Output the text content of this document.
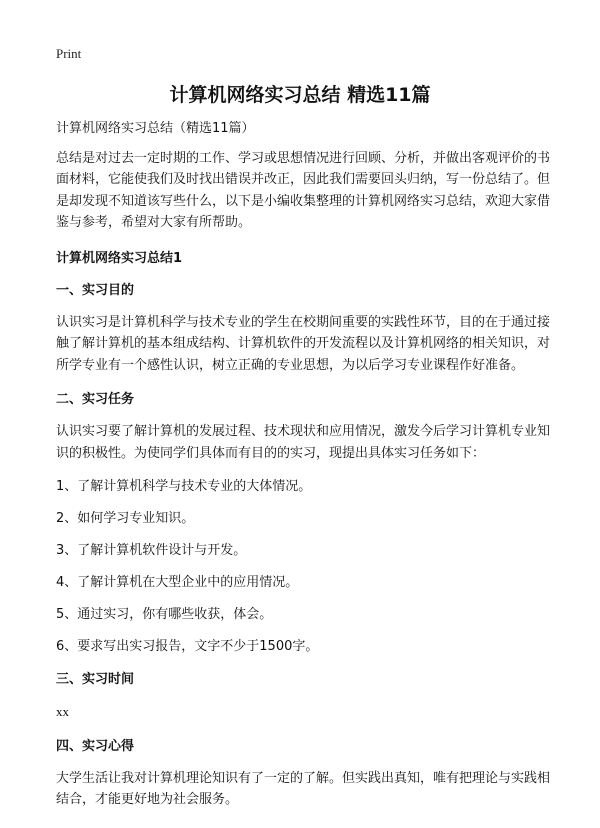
Print
计算机网络实习总结 精选11篇

计算机网络实习总结（精选11篇）

总结是对过去一定时期的工作、学习或思想情况进行回顾、分析，并做出客观评价的书面材料，它能使我们及时找出错误并改正，因此我们需要回头归纳，写一份总结了。但是却发现不知道该写些什么，以下是小编收集整理的计算机网络实习总结，欢迎大家借鉴与参考，希望对大家有所帮助。

计算机网络实习总结1

一、实习目的

认识实习是计算机科学与技术专业的学生在校期间重要的实践性环节，目的在于通过接触了解计算机的基本组成结构、计算机软件的开发流程以及计算机网络的相关知识，对所学专业有一个感性认识，树立正确的专业思想，为以后学习专业课程作好准备。

二、实习任务

认识实习要了解计算机的发展过程、技术现状和应用情况，激发今后学习计算机专业知识的积极性。为使同学们具体而有目的的实习，现提出具体实习任务如下：

1、了解计算机科学与技术专业的大体情况。

2、如何学习专业知识。

3、了解计算机软件设计与开发。

4、了解计算机在大型企业中的应用情况。

5、通过实习，你有哪些收获，体会。

6、要求写出实习报告，文字不少于1500字。

三、实习时间

xx

四、实习心得

大学生活让我对计算机理论知识有了一定的了解。但实践出真知，唯有把理论与实践相结合，才能更好地为社会服务。
